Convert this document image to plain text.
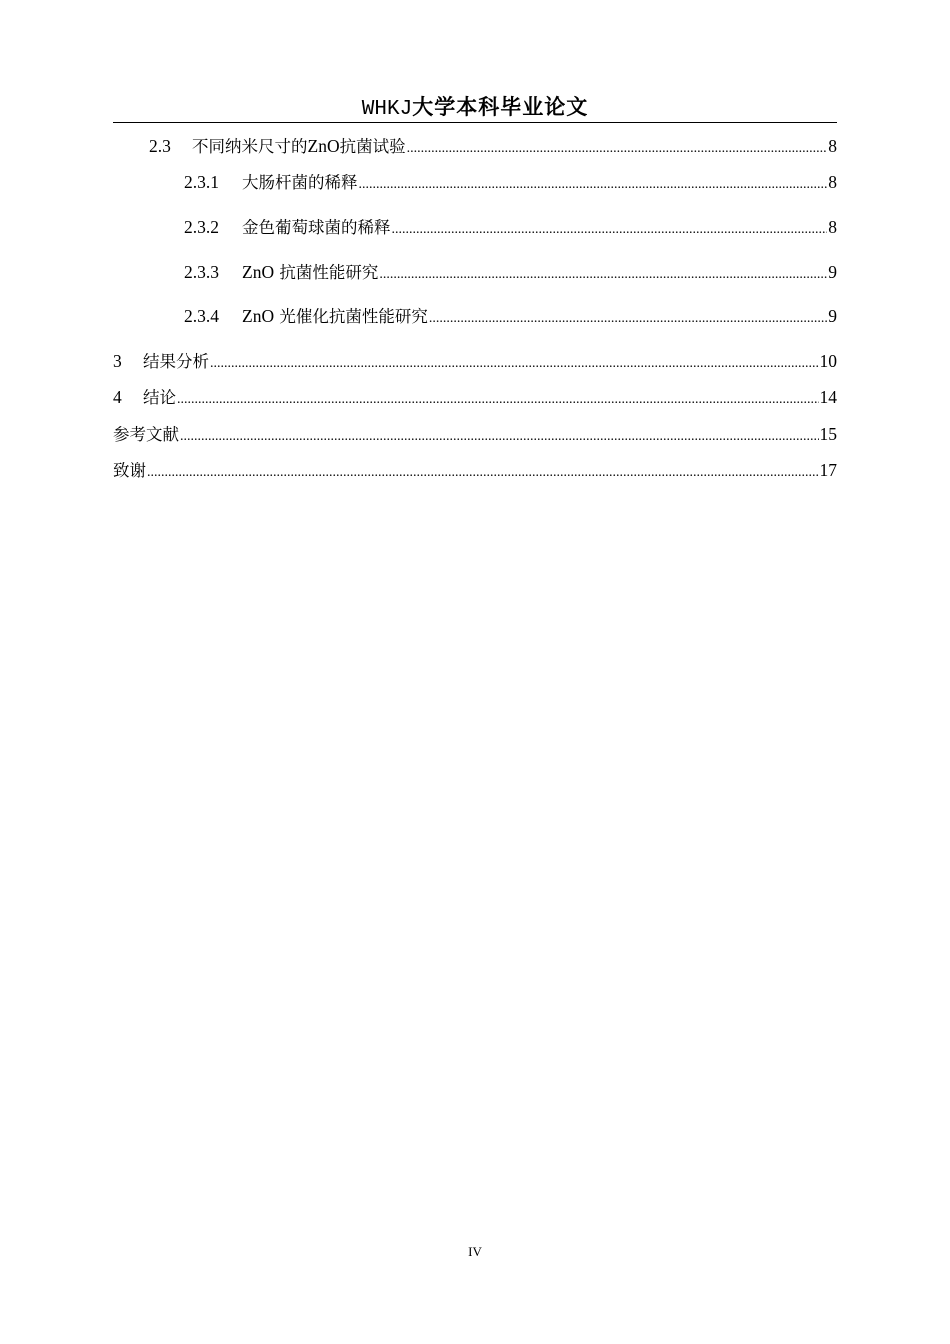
WHKJ大学本科毕业论文
2.3	不同纳米尺寸的ZnO抗菌试验 .....	8
2.3.1	大肠杆菌的稀释 .....	8
2.3.2	金色葡萄球菌的稀释 .....	8
2.3.3	ZnO 抗菌性能研究 .....	9
2.3.4	ZnO 光催化抗菌性能研究 .....	9
3	结果分析 .....	10
4	结论 .....	14
参考文献 .....	15
致谢 .....	17
IV
